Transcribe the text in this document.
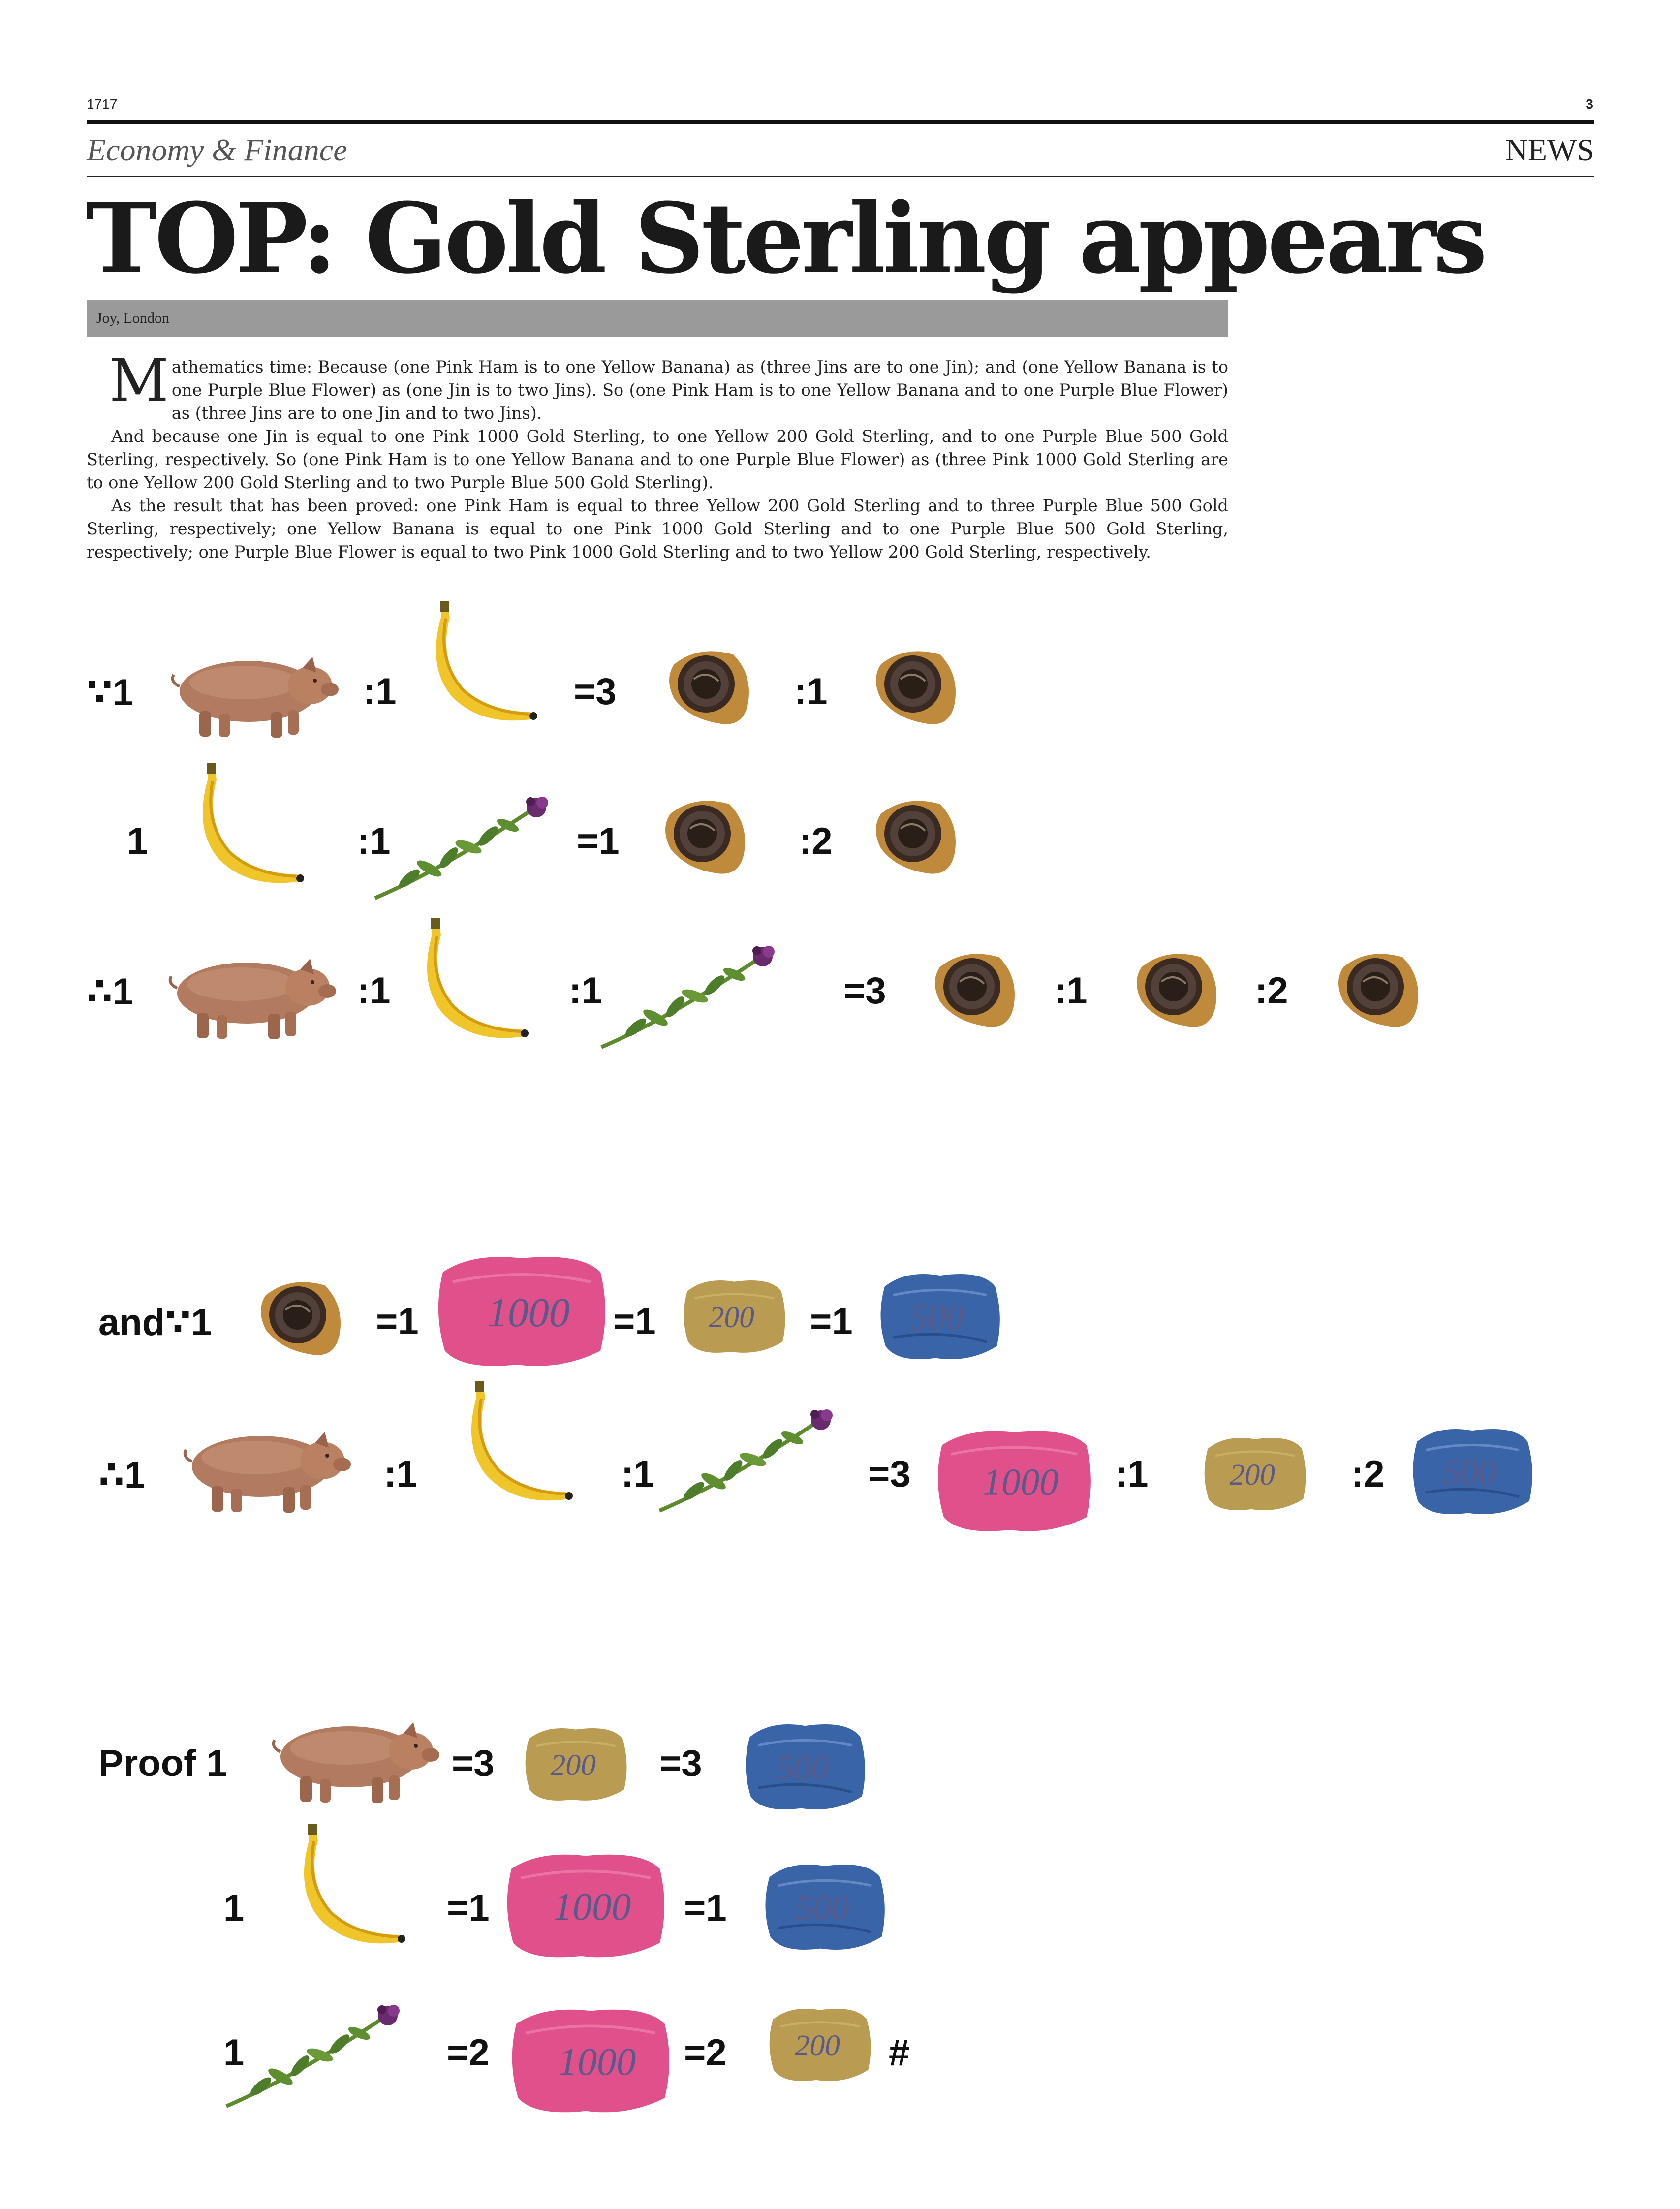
1717	3
Economy & Finance	NEWS
TOP: Gold Sterling appears
Joy, London

Mathematics time: Because (one Pink Ham is to one Yellow Banana) as (three Jins are to one Jin); and (one Yellow Banana is to one Purple Blue Flower) as (one Jin is to two Jins). So (one Pink Ham is to one Yellow Banana and to one Purple Blue Flower) as (three Jins are to one Jin and to two Jins).

And because one Jin is equal to one Pink 1000 Gold Sterling, to one Yellow 200 Gold Sterling, and to one Purple Blue 500 Gold Sterling, respectively. So (one Pink Ham is to one Yellow Banana and to one Purple Blue Flower) as (three Pink 1000 Gold Sterling are to one Yellow 200 Gold Sterling and to two Purple Blue 500 Gold Sterling).

As the result that has been proved: one Pink Ham is equal to three Yellow 200 Gold Sterling and to three Purple Blue 500 Gold Sterling, respectively; one Yellow Banana is equal to one Pink 1000 Gold Sterling and to one Purple Blue 500 Gold Sterling, respectively; one Purple Blue Flower is equal to two Pink 1000 Gold Sterling and to two Yellow 200 Gold Sterling, respectively.

∵1	:1	=3	:1
1	:1	=1	:2
∴1	:1	:1	=3	:1	:2
and∵1	=1 1000 =1 200 =1 500
∴1	:1	:1	=3 1000 :1 200 :2 500
Proof 1	=3 200 =3 500
1	=1 1000 =1 500
1	=2 1000 =2 200 #
